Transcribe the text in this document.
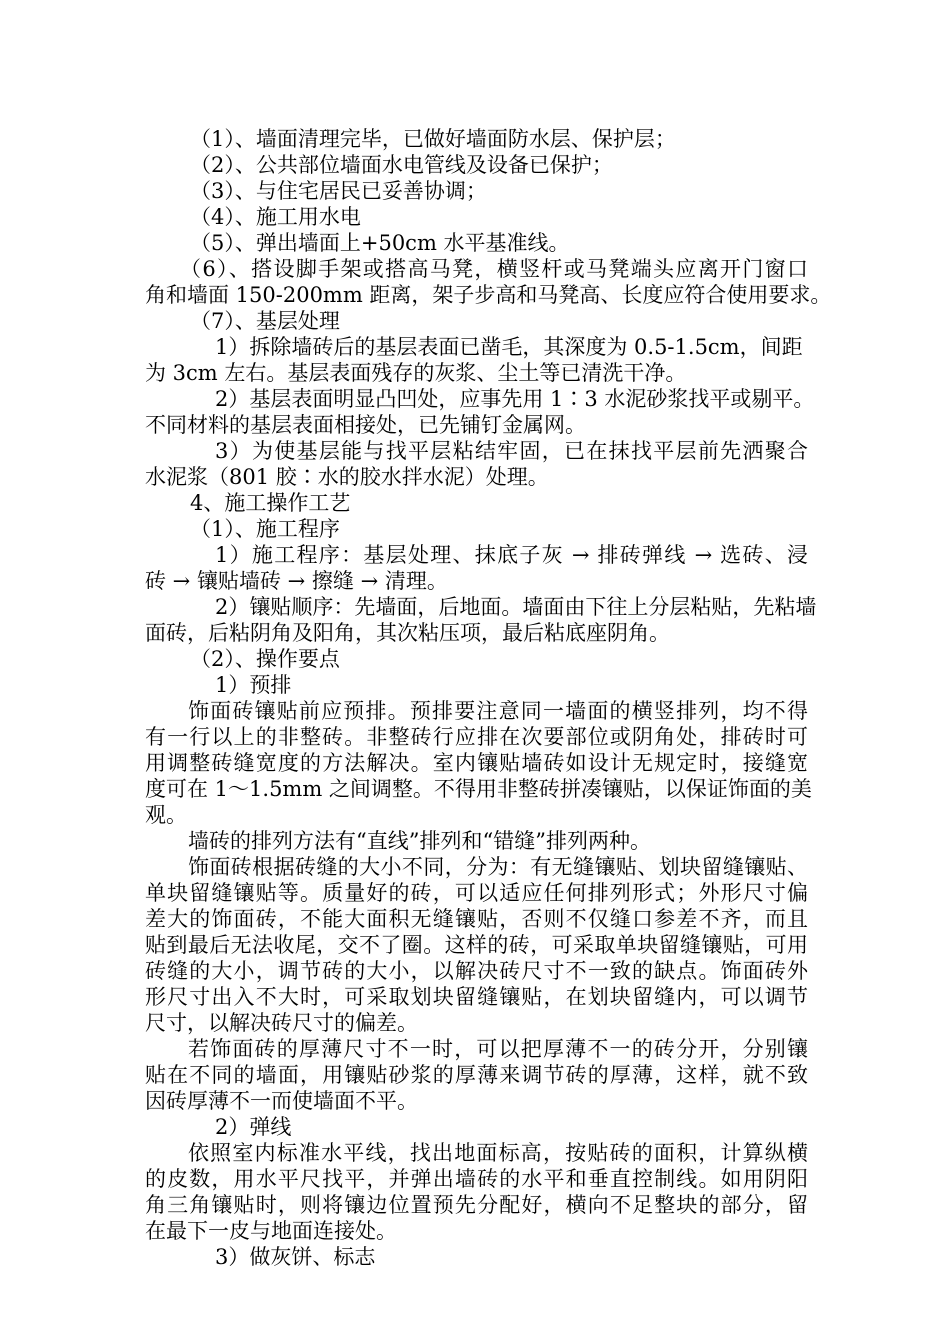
（1）、墙面清理完毕，已做好墙面防水层、保护层；
（2）、公共部位墙面水电管线及设备已保护；
（3）、与住宅居民已妥善协调；
（4）、施工用水电
（5）、弹出墙面上+50cm 水平基准线。
（6）、搭设脚手架或搭高马凳，横竖杆或马凳端头应离开门窗口
角和墙面 150-200mm 距离，架子步高和马凳高、长度应符合使用要求。
（7）、基层处理
1）拆除墙砖后的基层表面已凿毛，其深度为 0.5-1.5cm，间距
为 3cm 左右。基层表面残存的灰浆、尘土等已清洗干净。
2）基层表面明显凸凹处，应事先用 1∶3 水泥砂浆找平或剔平。
不同材料的基层表面相接处，已先铺钉金属网。
3）为使基层能与找平层粘结牢固，已在抹找平层前先洒聚合
水泥浆（801 胶∶水的胶水拌水泥）处理。
4、施工操作工艺
（1）、施工程序
1）施工程序：基层处理、抹底子灰 → 排砖弹线 → 选砖、浸
砖 → 镶贴墙砖 → 擦缝 → 清理。
2）镶贴顺序：先墙面，后地面。墙面由下往上分层粘贴，先粘墙
面砖，后粘阴角及阳角，其次粘压项，最后粘底座阴角。
（2）、操作要点
1）预排
饰面砖镶贴前应预排。预排要注意同一墙面的横竖排列，均不得
有一行以上的非整砖。非整砖行应排在次要部位或阴角处，排砖时可
用调整砖缝宽度的方法解决。室内镶贴墙砖如设计无规定时，接缝宽
度可在 1～1.5mm 之间调整。不得用非整砖拼凑镶贴，以保证饰面的美
观。
墙砖的排列方法有“直线”排列和“错缝”排列两种。
饰面砖根据砖缝的大小不同，分为：有无缝镶贴、划块留缝镶贴、
单块留缝镶贴等。质量好的砖，可以适应任何排列形式；外形尺寸偏
差大的饰面砖，不能大面积无缝镶贴，否则不仅缝口参差不齐，而且
贴到最后无法收尾，交不了圈。这样的砖，可采取单块留缝镶贴，可用
砖缝的大小，调节砖的大小，以解决砖尺寸不一致的缺点。饰面砖外
形尺寸出入不大时，可采取划块留缝镶贴，在划块留缝内，可以调节
尺寸，以解决砖尺寸的偏差。
若饰面砖的厚薄尺寸不一时，可以把厚薄不一的砖分开，分别镶
贴在不同的墙面，用镶贴砂浆的厚薄来调节砖的厚薄，这样，就不致
因砖厚薄不一而使墙面不平。
2）弹线
依照室内标准水平线，找出地面标高，按贴砖的面积，计算纵横
的皮数，用水平尺找平，并弹出墙砖的水平和垂直控制线。如用阴阳
角三角镶贴时，则将镶边位置预先分配好，横向不足整块的部分，留
在最下一皮与地面连接处。
3）做灰饼、标志
